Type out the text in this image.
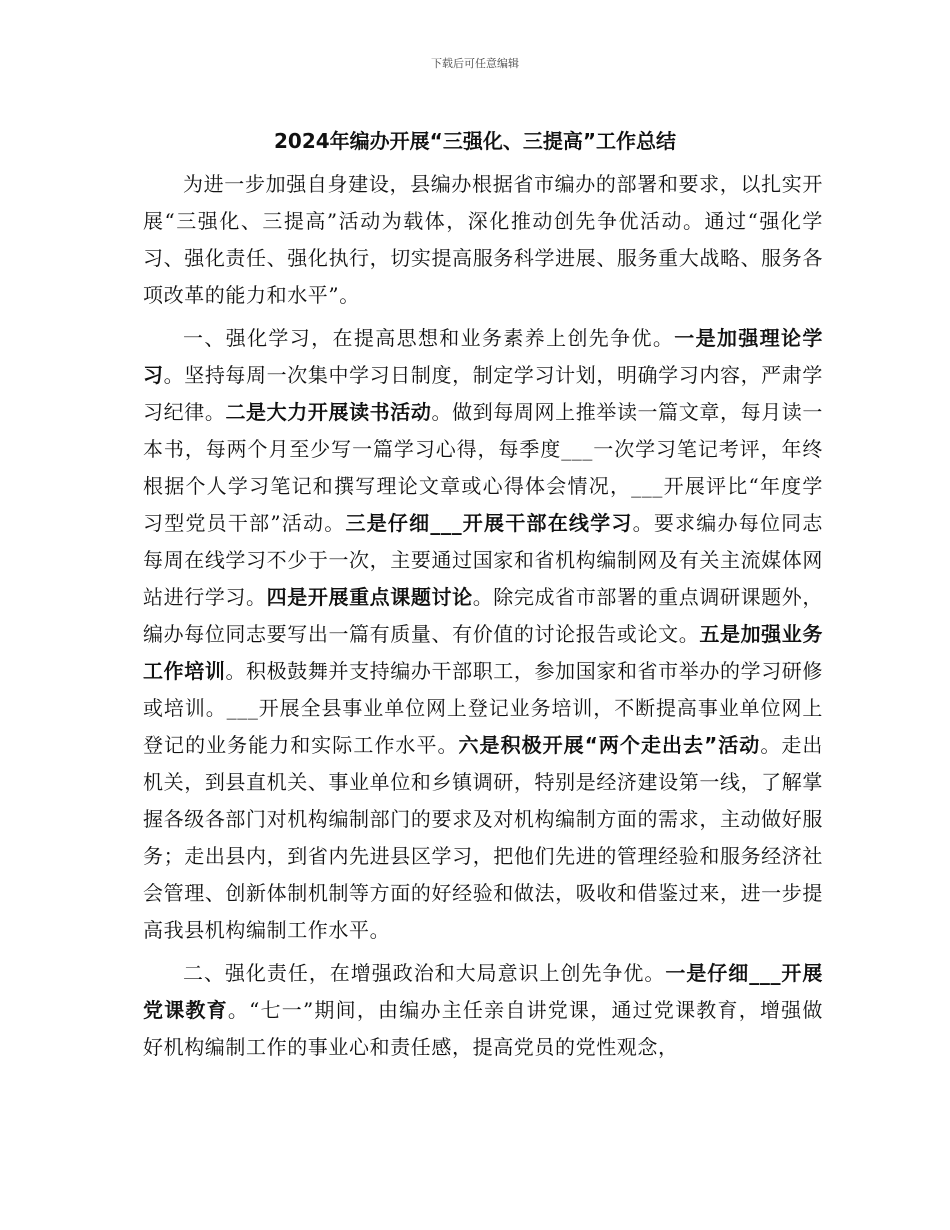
下载后可任意编辑
2024年编办开展“三强化、三提高”工作总结

为进一步加强自身建设，县编办根据省市编办的部署和要求，以扎实开展“三强化、三提高”活动为载体，深化推动创先争优活动。通过“强化学习、强化责任、强化执行，切实提高服务科学进展、服务重大战略、服务各项改革的能力和水平”。

一、强化学习，在提高思想和业务素养上创先争优。一是加强理论学习。坚持每周一次集中学习日制度，制定学习计划，明确学习内容，严肃学习纪律。二是大力开展读书活动。做到每周网上推举读一篇文章，每月读一本书，每两个月至少写一篇学习心得，每季度___一次学习笔记考评，年终根据个人学习笔记和撰写理论文章或心得体会情况，___开展评比“年度学习型党员干部”活动。三是仔细___开展干部在线学习。要求编办每位同志每周在线学习不少于一次，主要通过国家和省机构编制网及有关主流媒体网站进行学习。四是开展重点课题讨论。除完成省市部署的重点调研课题外，编办每位同志要写出一篇有质量、有价值的讨论报告或论文。五是加强业务工作培训。积极鼓舞并支持编办干部职工，参加国家和省市举办的学习研修或培训。___开展全县事业单位网上登记业务培训，不断提高事业单位网上登记的业务能力和实际工作水平。六是积极开展“两个走出去”活动。走出机关，到县直机关、事业单位和乡镇调研，特别是经济建设第一线，了解掌握各级各部门对机构编制部门的要求及对机构编制方面的需求，主动做好服务；走出县内，到省内先进县区学习，把他们先进的管理经验和服务经济社会管理、创新体制机制等方面的好经验和做法，吸收和借鉴过来，进一步提高我县机构编制工作水平。

二、强化责任，在增强政治和大局意识上创先争优。一是仔细___开展党课教育。“七一”期间，由编办主任亲自讲党课，通过党课教育，增强做好机构编制工作的事业心和责任感，提高党员的党性观念，
